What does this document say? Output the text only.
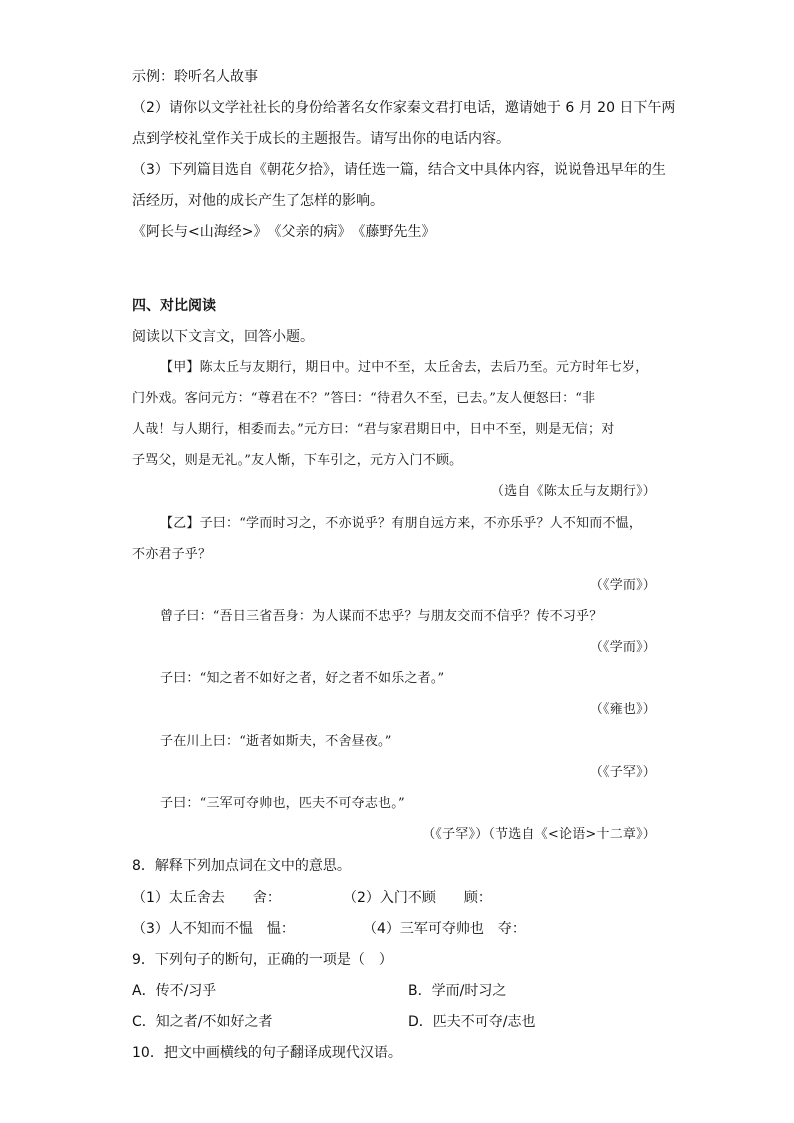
示例：聆听名人故事
（2）请你以文学社社长的身份给著名女作家秦文君打电话，邀请她于 6 月 20 日下午两
点到学校礼堂作关于成长的主题报告。请写出你的电话内容。
（3）下列篇目选自《朝花夕拾》，请任选一篇，结合文中具体内容，说说鲁迅早年的生
活经历，对他的成长产生了怎样的影响。
《阿长与<山海经>》　《父亲的病》　《藤野先生》
四、对比阅读
阅读以下文言文，回答小题。
【甲】陈太丘与友期行，期日中。过中不至，太丘舍去，去后乃至。元方时年七岁，
门外戏。客问元方：“尊君在不？”答曰：“待君久不至，已去。”友人便怒曰：“非
人哉！与人期行，相委而去。”元方曰：“君与家君期日中，日中不至，则是无信；对
子骂父，则是无礼。”友人惭，下车引之，元方入门不顾。
（选自《陈太丘与友期行》）
【乙】子曰：“学而时习之，不亦说乎？有朋自远方来，不亦乐乎？人不知而不愠，
不亦君子乎？
（《学而》）
曾子曰：“吾日三省吾身：为人谋而不忠乎？与朋友交而不信乎？传不习乎？
（《学而》）
子曰：“知之者不如好之者，好之者不如乐之者。”
（《雍也》）
子在川上曰：“逝者如斯夫，不舍昼夜。”
（《子罕》）
子曰：“三军可夺帅也，匹夫不可夺志也。”
（《子罕》）（节选自《<论语>十二章》）
8．解释下列加点词在文中的意思。
（1）太丘舍去　　舍：	（2）入门不顾　　顾：
（3）人不知而不愠　愠：	（4）三军可夺帅也　夺：
9．下列句子的断句，正确的一项是（　）
A．传不/习乎	B．学而/时习之
C．知之者/不如好之者	D．匹夫不可夺/志也
10．把文中画横线的句子翻译成现代汉语。
